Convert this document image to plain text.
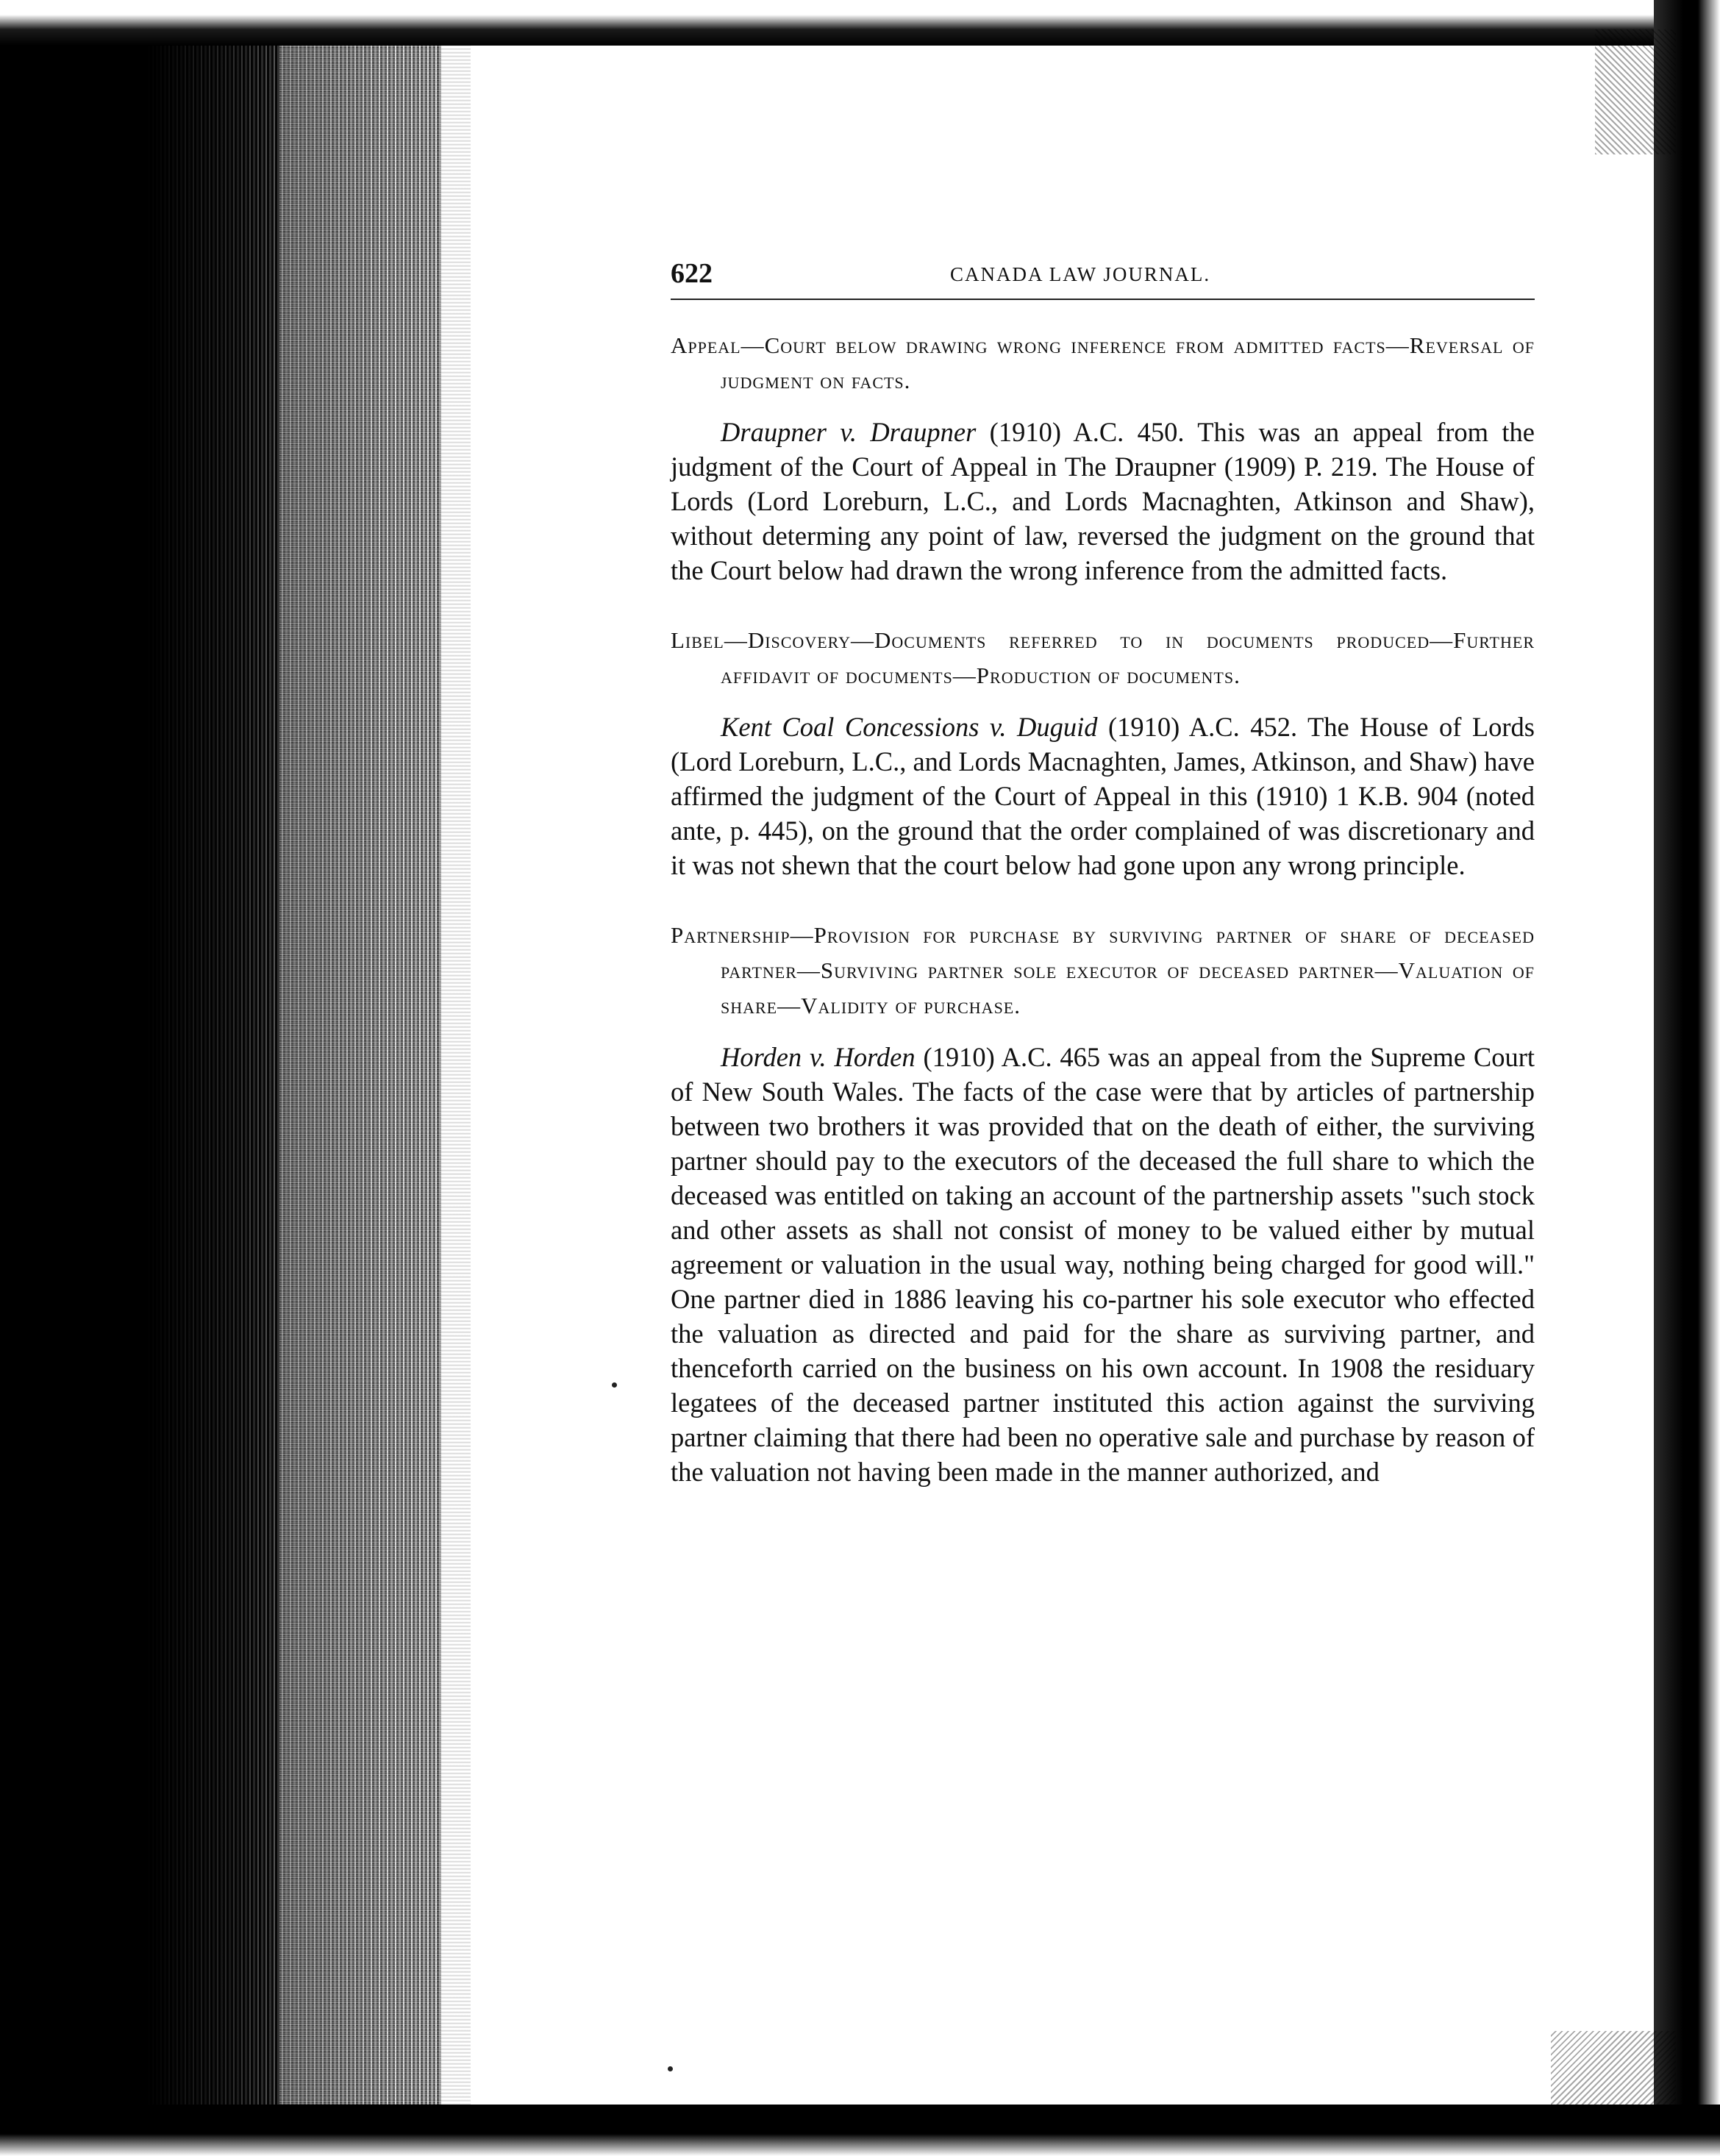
622	CANADA LAW JOURNAL.

Appeal—Court below drawing wrong inference from admitted facts—Reversal of judgment on facts.

Draupner v. Draupner (1910) A.C. 450. This was an appeal from the judgment of the Court of Appeal in The Draupner (1909) P. 219. The House of Lords (Lord Loreburn, L.C., and Lords Macnaghten, Atkinson and Shaw), without determing any point of law, reversed the judgment on the ground that the Court below had drawn the wrong inference from the admitted facts.

Libel—Discovery—Documents referred to in documents produced—Further affidavit of documents—Production of documents.

Kent Coal Concessions v. Duguid (1910) A.C. 452. The House of Lords (Lord Loreburn, L.C., and Lords Macnaghten, James, Atkinson, and Shaw) have affirmed the judgment of the Court of Appeal in this (1910) 1 K.B. 904 (noted ante, p. 445), on the ground that the order complained of was discretionary and it was not shewn that the court below had gone upon any wrong principle.

Partnership—Provision for purchase by surviving partner of share of deceased partner—Surviving partner sole executor of deceased partner—Valuation of share—Validity of purchase.

Horden v. Horden (1910) A.C. 465 was an appeal from the Supreme Court of New South Wales. The facts of the case were that by articles of partnership between two brothers it was provided that on the death of either, the surviving partner should pay to the executors of the deceased the full share to which the deceased was entitled on taking an account of the partnership assets "such stock and other assets as shall not consist of money to be valued either by mutual agreement or valuation in the usual way, nothing being charged for good will." One partner died in 1886 leaving his co-partner his sole executor who effected the valuation as directed and paid for the share as surviving partner, and thenceforth carried on the business on his own account. In 1908 the residuary legatees of the deceased partner instituted this action against the surviving partner claiming that there had been no operative sale and purchase by reason of the valuation not having been made in the manner authorized, and
